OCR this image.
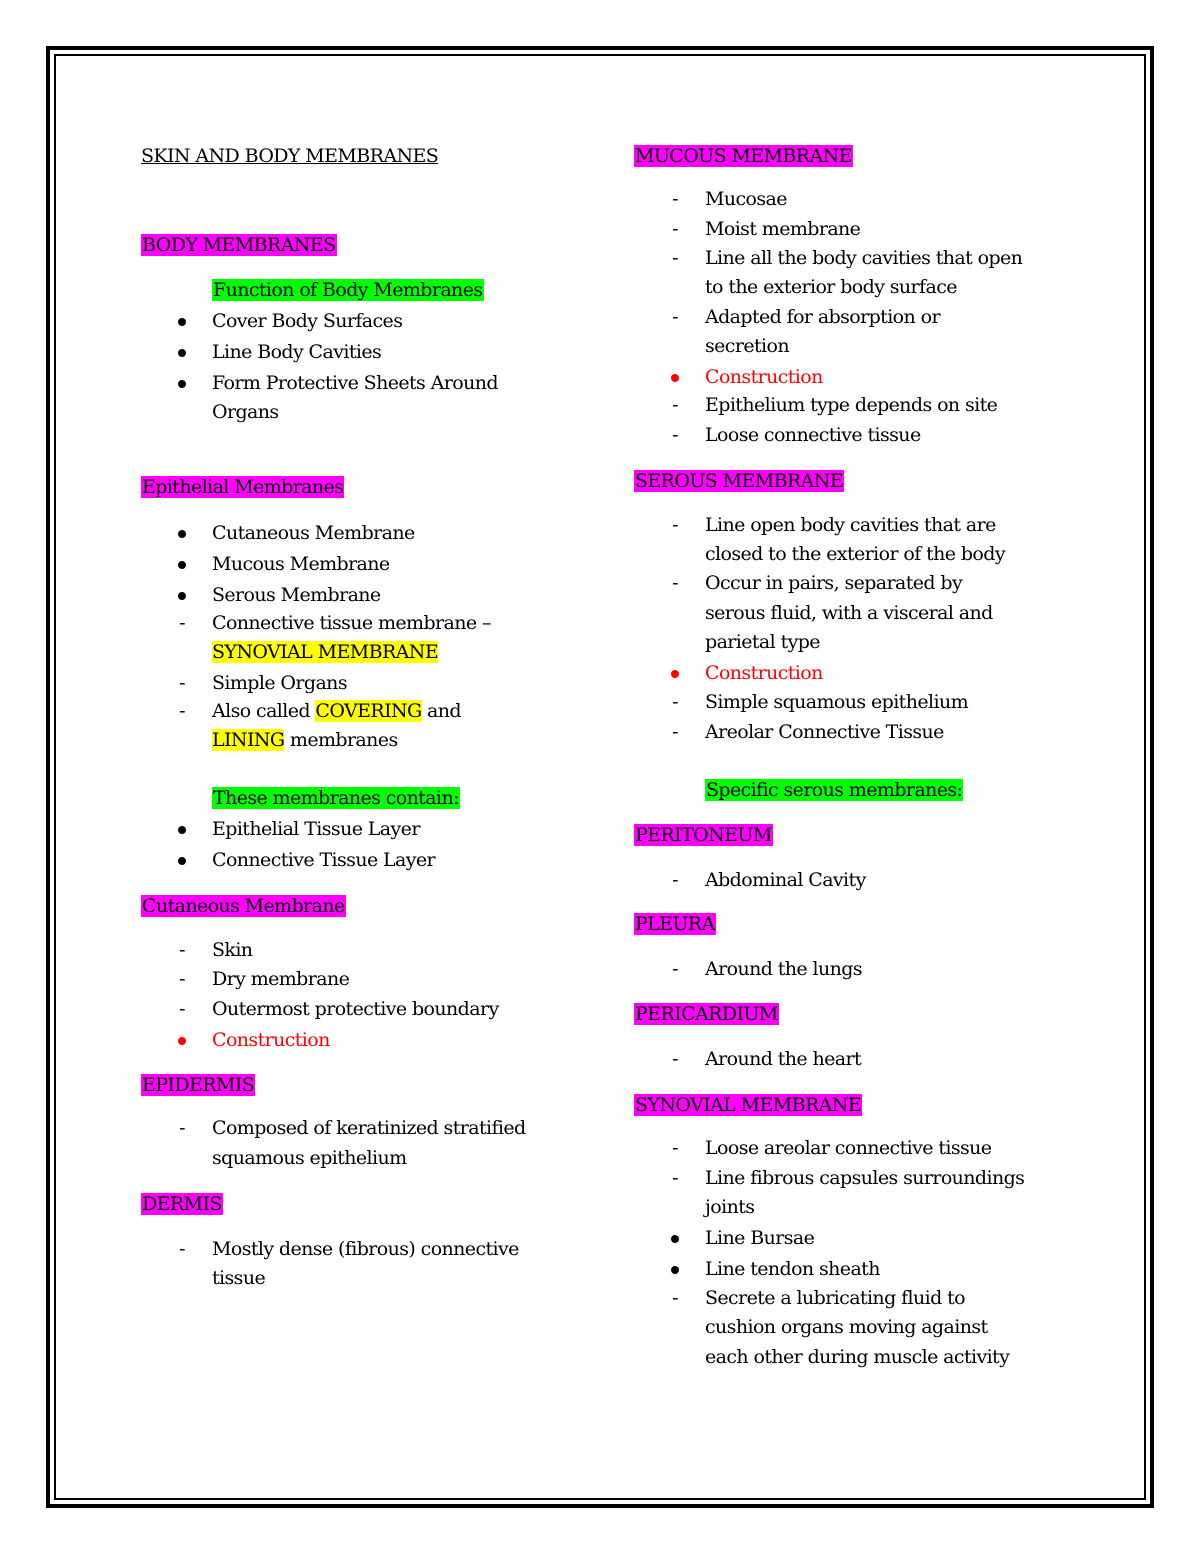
SKIN AND BODY MEMBRANES
BODY MEMBRANES
Function of Body Membranes
Cover Body Surfaces
Line Body Cavities
Form Protective Sheets Around
Organs
Epithelial Membranes
Cutaneous Membrane
Mucous Membrane
Serous Membrane
- Connective tissue membrane –
SYNOVIAL MEMBRANE
- Simple Organs
- Also called COVERING and
LINING membranes
These membranes contain:
Epithelial Tissue Layer
Connective Tissue Layer
Cutaneous Membrane
- Skin
- Dry membrane
- Outermost protective boundary
Construction
EPIDERMIS
- Composed of keratinized stratified
squamous epithelium
DERMIS
- Mostly dense (fibrous) connective
tissue
MUCOUS MEMBRANE
- Mucosae
- Moist membrane
- Line all the body cavities that open
to the exterior body surface
- Adapted for absorption or
secretion
Construction
- Epithelium type depends on site
- Loose connective tissue
SEROUS MEMBRANE
- Line open body cavities that are
closed to the exterior of the body
- Occur in pairs, separated by
serous fluid, with a visceral and
parietal type
Construction
- Simple squamous epithelium
- Areolar Connective Tissue
Specific serous membranes:
PERITONEUM
- Abdominal Cavity
PLEURA
- Around the lungs
PERICARDIUM
- Around the heart
SYNOVIAL MEMBRANE
- Loose areolar connective tissue
- Line fibrous capsules surroundings
joints
Line Bursae
Line tendon sheath
- Secrete a lubricating fluid to
cushion organs moving against
each other during muscle activity
